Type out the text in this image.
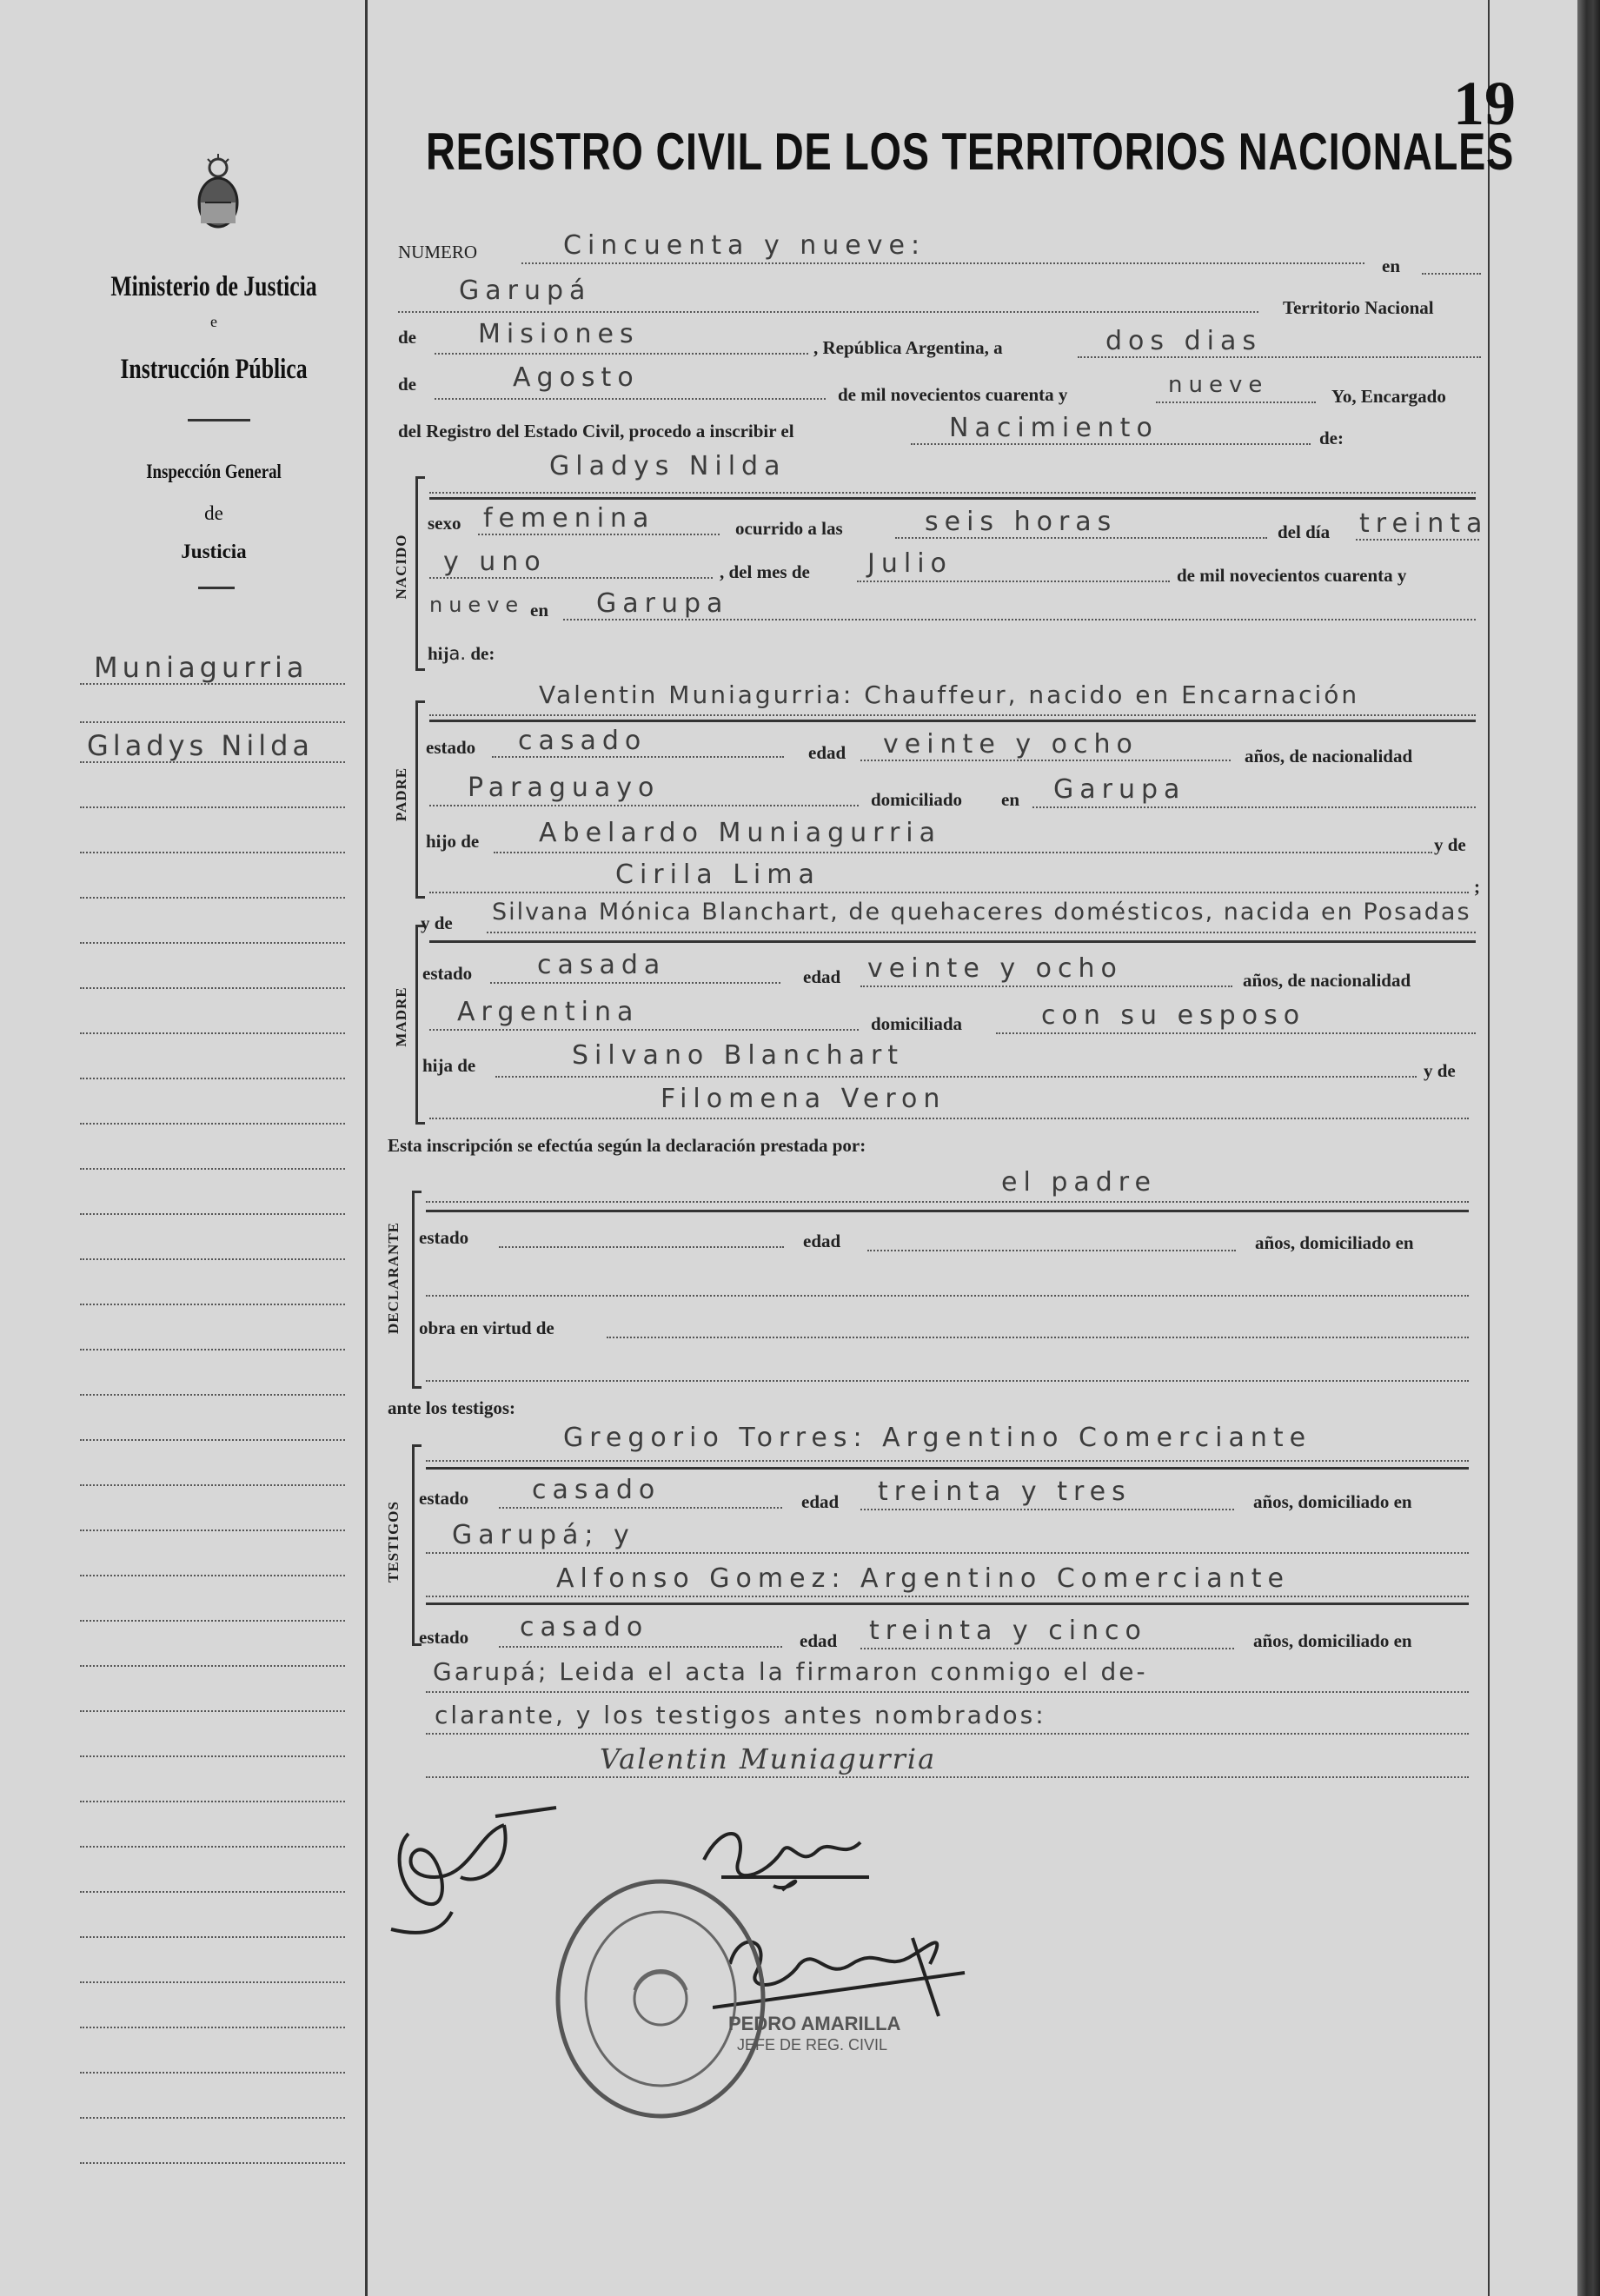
Ministerio de Justicia
e
Instrucción Pública
Inspección General
de
Justicia
Muniagurria
Gladys Nilda
19
REGISTRO CIVIL DE LOS TERRITORIOS NACIONALES
NUMERO	Cincuenta y nueve:
en
Garupá
Territorio Nacional
de Misiones	, República Argentina, a	dos dias
de	Agosto
de mil novecientos cuarenta y	nueve	Yo, Encargado
del Registro del Estado Civil, procedo a inscribir el	Nacimiento	de:
NACIDO
Gladys Nilda
sexo femenina	ocurrido a las	seis horas	del día treinta
y uno	, del mes de Julio	de mil novecientos cuarenta y
nueve en Garupa
hija. de:
PADRE
Valentin Muniagurria: Chauffeur, nacido en Encarnación
estado casado	edad veinte y ocho	años, de nacionalidad
Paraguayo	domiciliado en Garupa
hijo de Abelardo Muniagurria	y de
Cirila Lima	;
MADRE
y de Silvana Mónica Blanchart, de quehaceres domésticos, nacida en Posadas
estado casada	edad veinte y ocho	años, de nacionalidad
Argentina	domiciliada	con su esposo
hija de	Silvano Blanchart	y de
Filomena Veron
Esta inscripción se efectúa según la declaración prestada por:
DECLARANTE
el padre
estado	edad	años, domiciliado en
obra en virtud de
ante los testigos:
TESTIGOS
Gregorio Torres: Argentino Comerciante
estado casado	edad treinta y tres	años, domiciliado en
Garupá; y
Alfonso Gomez: Argentino Comerciante
estado casado	edad treinta y cinco	años, domiciliado en
Garupá; Leida el acta la firmaron conmigo el de-
clarante, y los testigos antes nombrados:
Valentin Muniagurria
PEDRO AMARILLA
JEFE DE REG. CIVIL
